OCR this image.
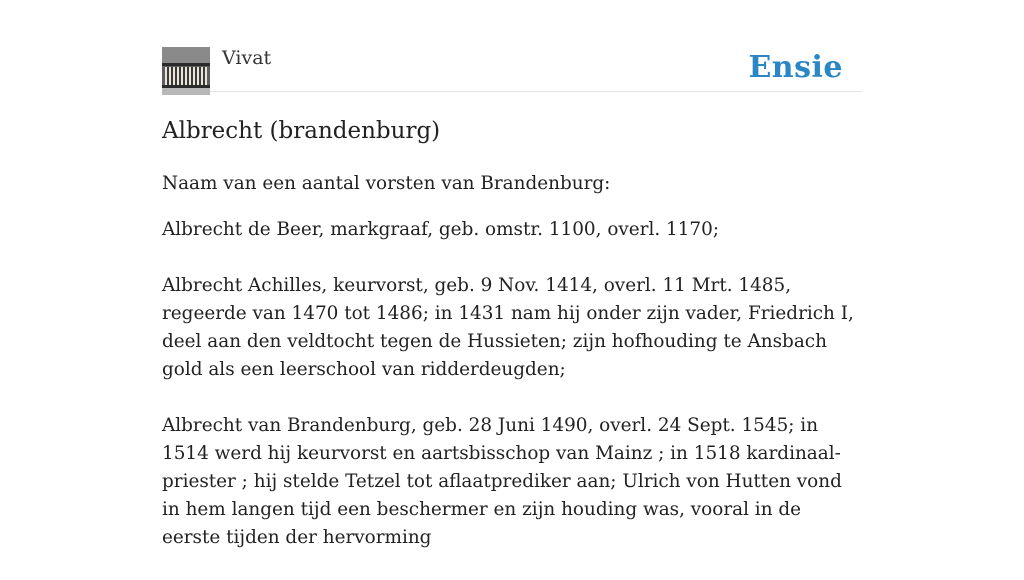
Vivat	Ensie
Albrecht (brandenburg)

Naam van een aantal vorsten van Brandenburg:

Albrecht de Beer, markgraaf, geb. omstr. 1100, overl. 1170;

Albrecht Achilles, keurvorst, geb. 9 Nov. 1414, overl. 11 Mrt. 1485, regeerde van 1470 tot 1486; in 1431 nam hij onder zijn vader, Friedrich I, deel aan den veldtocht tegen de Hussieten; zijn hofhouding te Ansbach gold als een leerschool van ridderdeugden;

Albrecht van Brandenburg, geb. 28 Juni 1490, overl. 24 Sept. 1545; in 1514 werd hij keurvorst en aartsbisschop van Mainz ; in 1518 kardinaal-priester ; hij stelde Tetzel tot aflaatprediker aan; Ulrich von Hutten vond in hem langen tijd een beschermer en zijn houding was, vooral in de eerste tijden der hervorming
